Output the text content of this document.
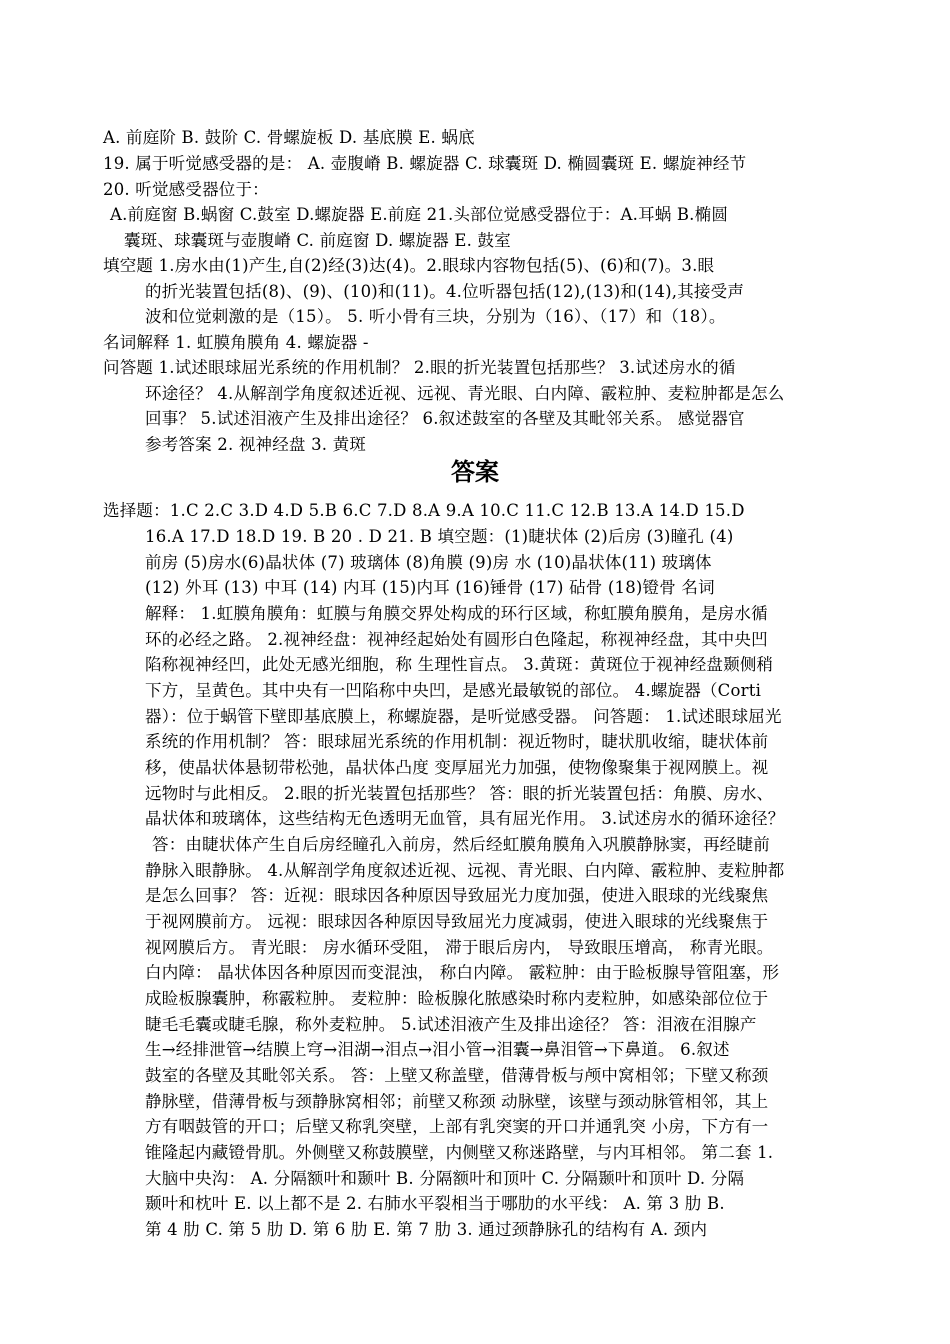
A. 前庭阶 B. 鼓阶 C. 骨螺旋板 D. 基底膜 E. 蜗底
19. 属于听觉感受器的是： A. 壶腹嵴 B. 螺旋器 C. 球囊斑 D. 椭圆囊斑 E. 螺旋神经节
20. 听觉感受器位于：
A.前庭窗 B.蜗窗 C.鼓室 D.螺旋器 E.前庭 21.头部位觉感受器位于：A.耳蜗 B.椭圆
囊斑、球囊斑与壶腹嵴 C. 前庭窗 D. 螺旋器 E. 鼓室
填空题 1.房水由(1)产生,自(2)经(3)达(4)。2.眼球内容物包括(5)、(6)和(7)。3.眼
的折光装置包括(8)、(9)、(10)和(11)。4.位听器包括(12),(13)和(14),其接受声
波和位觉刺激的是（15）。 5. 听小骨有三块，分别为（16）、（17）和（18）。
名词解释 1. 虹膜角膜角 4. 螺旋器 -
问答题 1.试述眼球屈光系统的作用机制？ 2.眼的折光装置包括那些？ 3.试述房水的循
环途径？ 4.从解剖学角度叙述近视、远视、青光眼、白内障、霰粒肿、麦粒肿都是怎么
回事？ 5.试述泪液产生及排出途径？ 6.叙述鼓室的各壁及其毗邻关系。 感觉器官
参考答案 2. 视神经盘 3. 黄斑
答案
选择题：1.C 2.C 3.D 4.D 5.B 6.C 7.D 8.A 9.A 10.C 11.C 12.B 13.A 14.D 15.D
16.A 17.D 18.D 19. B 20 . D 21. B 填空题：(1)睫状体 (2)后房 (3)瞳孔 (4)
前房 (5)房水(6)晶状体 (7) 玻璃体 (8)角膜 (9)房 水 (10)晶状体(11) 玻璃体
(12) 外耳 (13) 中耳 (14) 内耳 (15)内耳 (16)锤骨 (17) 砧骨 (18)镫骨 名词
解释： 1.虹膜角膜角：虹膜与角膜交界处构成的环行区域，称虹膜角膜角，是房水循
环的必经之路。 2.视神经盘：视神经起始处有圆形白色隆起，称视神经盘，其中央凹
陷称视神经凹，此处无感光细胞，称 生理性盲点。 3.黄斑：黄斑位于视神经盘颞侧稍
下方，呈黄色。其中央有一凹陷称中央凹，是感光最敏锐的部位。 4.螺旋器（Corti
器）：位于蜗管下壁即基底膜上，称螺旋器，是听觉感受器。 问答题： 1.试述眼球屈光
系统的作用机制？ 答：眼球屈光系统的作用机制：视近物时，睫状肌收缩，睫状体前
移，使晶状体悬韧带松弛，晶状体凸度 变厚屈光力加强，使物像聚集于视网膜上。视
远物时与此相反。 2.眼的折光装置包括那些？ 答：眼的折光装置包括：角膜、房水、
晶状体和玻璃体，这些结构无色透明无血管，具有屈光作用。 3.试述房水的循环途径？
答：由睫状体产生自后房经瞳孔入前房，然后经虹膜角膜角入巩膜静脉窦，再经睫前
静脉入眼静脉。 4.从解剖学角度叙述近视、远视、青光眼、白内障、霰粒肿、麦粒肿都
是怎么回事？ 答：近视：眼球因各种原因导致屈光力度加强，使进入眼球的光线聚焦
于视网膜前方。 远视：眼球因各种原因导致屈光力度减弱，使进入眼球的光线聚焦于
视网膜后方。 青光眼： 房水循环受阻， 滞于眼后房内， 导致眼压增高， 称青光眼。
白内障： 晶状体因各种原因而变混浊， 称白内障。 霰粒肿：由于睑板腺导管阻塞，形
成睑板腺囊肿，称霰粒肿。 麦粒肿：睑板腺化脓感染时称内麦粒肿，如感染部位位于
睫毛毛囊或睫毛腺，称外麦粒肿。 5.试述泪液产生及排出途径？ 答：泪液在泪腺产
生→经排泄管→结膜上穹→泪湖→泪点→泪小管→泪囊→鼻泪管→下鼻道。 6.叙述
鼓室的各壁及其毗邻关系。 答：上壁又称盖壁，借薄骨板与颅中窝相邻；下壁又称颈
静脉壁，借薄骨板与颈静脉窝相邻；前壁又称颈 动脉壁，该壁与颈动脉管相邻，其上
方有咽鼓管的开口；后壁又称乳突壁，上部有乳突窦的开口并通乳突 小房，下方有一
锥隆起内藏镫骨肌。外侧壁又称鼓膜壁，内侧壁又称迷路壁，与内耳相邻。 第二套 1.
大脑中央沟： A. 分隔额叶和颞叶 B. 分隔额叶和顶叶 C. 分隔颞叶和顶叶 D. 分隔
颞叶和枕叶 E. 以上都不是 2. 右肺水平裂相当于哪肋的水平线： A. 第 3 肋 B.
第 4 肋 C. 第 5 肋 D. 第 6 肋 E. 第 7 肋 3. 通过颈静脉孔的结构有 A. 颈内
